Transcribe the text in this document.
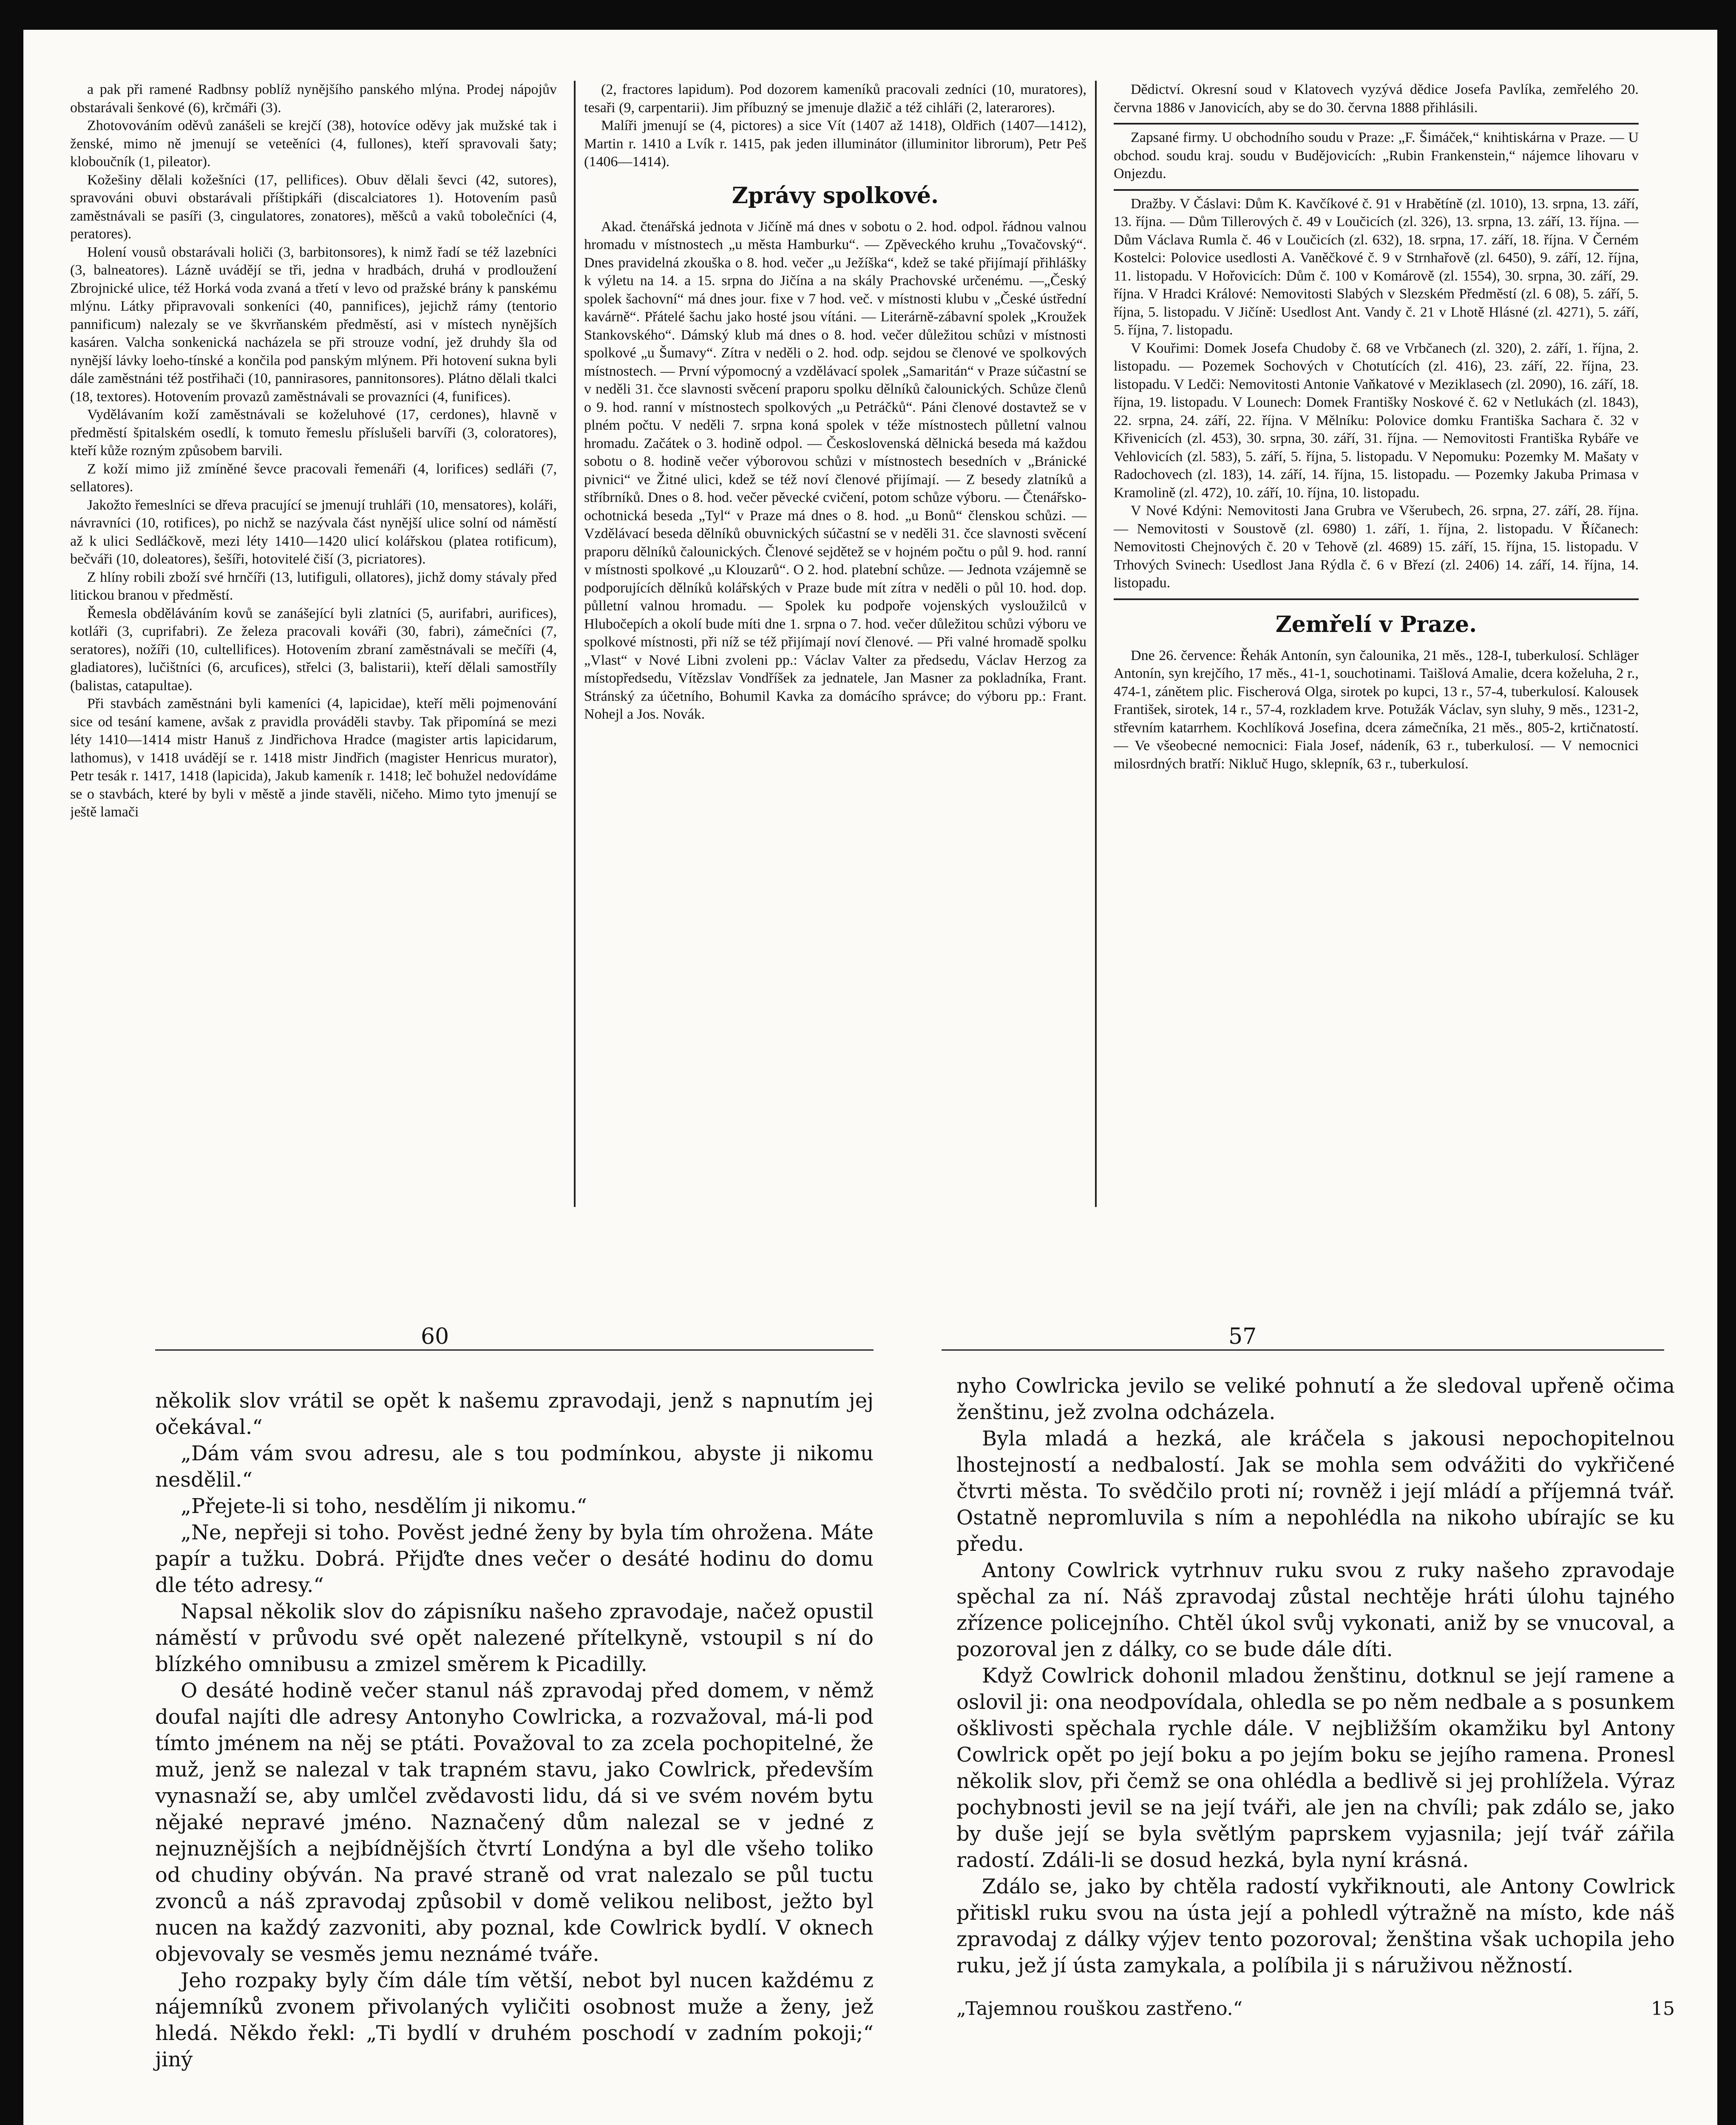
a pak při ramené Radbnsy poblíž nynějšího panského mlýna. Prodej nápojův obstarávali šenkové (6), krčmáři (3).

Zhotovováním oděvů zanášeli se krejčí (38), hotovíce oděvy jak mužské tak i ženské, mimo ně jmenují se veteěníci (4, fullones), kteří spravovali šaty; kloboučník (1, pileator).

Kožešiny dělali kožešníci (17, pellifices). Obuv dělali ševci (42, sutores), spravováni obuvi obstarávali příštipkáři (discalciatores 1). Hotovením pasů zaměstnávali se pasíři (3, cingulatores, zonatores), měšců a vaků tobolečníci (4, peratores).

Holení vousů obstarávali holiči (3, barbitonsores), k nimž řadí se též lazebníci (3, balneatores). Lázně uvádějí se tři, jedna v hradbách, druhá v prodloužení Zbrojnické ulice, též Horká voda zvaná a třetí v levo od pražské brány k panskému mlýnu. Látky připravovali sonkeníci (40, pannifices), jejichž rámy (tentorio pannificum) nalezaly se ve škvrňanském předměstí, asi v místech nynějších kasáren. Valcha sonkenická nacházela se při strouze vodní, jež druhdy šla od nynější lávky loeho-tínské a končila pod panským mlýnem. Při hotovení sukna byli dále zaměstnáni též postřihači (10, pannirasores, pannitonsores). Plátno dělali tkalci (18, textores). Hotovením provazů zaměstnávali se provazníci (4, funifices).

Vydělávaním koží zaměstnávali se koželuhové (17, cerdones), hlavně v předměstí špitalském osedlí, k tomuto řemeslu příslušeli barvíři (3, coloratores), kteří kůže rozným způsobem barvili.

Z koží mimo již zmíněné ševce pracovali řemenáři (4, lorifices) sedláři (7, sellatores).

Jakožto řemeslníci se dřeva pracující se jmenují truhláři (10, mensatores), koláři, návravníci (10, rotifices), po nichž se nazývala část nynější ulice solní od náměstí až k ulici Sedláčkově, mezi léty 1410—1420 ulicí kolářskou (platea rotificum), bečváři (10, doleatores), šešíři, hotovitelé čiší (3, picriatores).

Z hlíny robili zboží své hrnčíři (13, lutifiguli, ollatores), jichž domy stávaly před litickou branou v předměstí.

Řemesla obděláváním kovů se zanášející byli zlatníci (5, aurifabri, aurifices), kotláři (3, cuprifabri). Ze železa pracovali kováři (30, fabri), zámečníci (7, seratores), nožíři (10, cultellifices). Hotovením zbraní zaměstnávali se mečíři (4, gladiatores), lučištníci (6, arcufices), střelci (3, balistarii), kteří dělali samostříly (balistas, catapultae).

Při stavbách zaměstnáni byli kameníci (4, lapicidae), kteří měli pojmenování sice od tesání kamene, avšak z pravidla prováděli stavby. Tak připomíná se mezi léty 1410—1414 mistr Hanuš z Jindřichova Hradce (magister artis lapicidarum, lathomus), v 1418 uvádějí se r. 1418 mistr Jindřich (magister Henricus murator), Petr tesák r. 1417, 1418 (lapicida), Jakub kameník r. 1418; leč bohužel nedovídáme se o stavbách, které by byli v městě a jinde stavěli, ničeho. Mimo tyto jmenují se ještě lamači

(2, fractores lapidum). Pod dozorem kameníků pracovali zedníci (10, muratores), tesaři (9, carpentarii). Jim příbuzný se jmenuje dlažič a též cihláři (2, laterarores).

Malíři jmenují se (4, pictores) a sice Vít (1407 až 1418), Oldřich (1407—1412), Martin r. 1410 a Lvík r. 1415, pak jeden illuminátor (illuminitor librorum), Petr Peš (1406—1414).

Zprávy spolkové.

Akad. čtenářská jednota v Jičíně má dnes v sobotu o 2. hod. odpol. řádnou valnou hromadu v místnostech „u města Hamburku“. — Zpěveckého kruhu „Tovačovský“. Dnes pravidelná zkouška o 8. hod. večer „u Ježíška“, kdež se také přijímají přihlášky k výletu na 14. a 15. srpna do Jičína a na skály Prachovské určenému. —„Český spolek šachovní“ má dnes jour. fixe v 7 hod. več. v místnosti klubu v „České ústřední kavárně“. Přátelé šachu jako hosté jsou vítáni. — Literárně-zábavní spolek „Kroužek Stankovského“. Dámský klub má dnes o 8. hod. večer důležitou schůzi v místnosti spolkové „u Šumavy“. Zítra v neděli o 2. hod. odp. sejdou se členové ve spolkových místnostech. — První výpomocný a vzdělávací spolek „Samaritán“ v Praze súčastní se v neděli 31. čce slavnosti svěcení praporu spolku dělníků čalounických. Schůze členů o 9. hod. ranní v místnostech spolkových „u Petráčků“. Páni členové dostavtež se v plném počtu. V neděli 7. srpna koná spolek v téže místnostech půlletní valnou hromadu. Začátek o 3. hodině odpol. — Československá dělnická beseda má každou sobotu o 8. hodině večer výborovou schůzi v místnostech besedních v „Bránické pivnici“ ve Žitné ulici, kdež se též noví členové přijímají. — Z besedy zlatníků a stříbrníků. Dnes o 8. hod. večer pěvecké cvičení, potom schůze výboru. — Čtenářsko-ochotnická beseda „Tyl“ v Praze má dnes o 8. hod. „u Bonů“ členskou schůzi. — Vzdělávací beseda dělníků obuvnických súčastní se v neděli 31. čce slavnosti svěcení praporu dělníků čalounických. Členové sejdětež se v hojném počtu o půl 9. hod. ranní v místnosti spolkové „u Klouzarů“. O 2. hod. platební schůze. — Jednota vzájemně se podporujících dělníků kolářských v Praze bude mít zítra v neděli o půl 10. hod. dop. půlletní valnou hromadu. — Spolek ku podpoře vojenských vysloužilců v Hlubočepích a okolí bude míti dne 1. srpna o 7. hod. večer důležitou schůzi výboru ve spolkové místnosti, při níž se též přijímají noví členové. — Při valné hromadě spolku „Vlast“ v Nové Libni zvoleni pp.: Václav Valter za předsedu, Václav Herzog za místopředsedu, Vítězslav Vondříšek za jednatele, Jan Masner za pokladníka, Frant. Stránský za účetního, Bohumil Kavka za domácího správce; do výboru pp.: Frant. Nohejl a Jos. Novák.

Dědictví. Okresní soud v Klatovech vyzývá dědice Josefa Pavlíka, zemřelého 20. června 1886 v Janovicích, aby se do 30. června 1888 přihlásili.

Zapsané firmy. U obchodního soudu v Praze: „F. Šimáček,“ knihtiskárna v Praze. — U obchod. soudu kraj. soudu v Budějovicích: „Rubin Frankenstein,“ nájemce lihovaru v Onjezdu.

Dražby. V Čáslavi: Dům K. Kavčíkové č. 91 v Hrabětíně (zl. 1010), 13. srpna, 13. září, 13. října. — Dům Tillerových č. 49 v Loučicích (zl. 326), 13. srpna, 13. září, 13. října. — Dům Václava Rumla č. 46 v Loučicích (zl. 632), 18. srpna, 17. září, 18. října. V Černém Kostelci: Polovice usedlosti A. Vaněčkové č. 9 v Strnhařově (zl. 6450), 9. září, 12. října, 11. listopadu. V Hořovicích: Dům č. 100 v Komárově (zl. 1554), 30. srpna, 30. září, 29. října. V Hradci Králové: Nemovitosti Slabých v Slezském Předměstí (zl. 6 08), 5. září, 5. října, 5. listopadu. V Jičíně: Usedlost Ant. Vandy č. 21 v Lhotě Hlásné (zl. 4271), 5. září, 5. října, 7. listopadu.

V Kouřimi: Domek Josefa Chudoby č. 68 ve Vrbčanech (zl. 320), 2. září, 1. října, 2. listopadu. — Pozemek Sochových v Chotutících (zl. 416), 23. září, 22. října, 23. listopadu. V Ledči: Nemovitosti Antonie Vaňkatové v Meziklasech (zl. 2090), 16. září, 18. října, 19. listopadu. V Lounech: Domek Františky Noskové č. 62 v Netlukách (zl. 1843), 22. srpna, 24. září, 22. října. V Mělníku: Polovice domku Františka Sachara č. 32 v Křivenicích (zl. 453), 30. srpna, 30. září, 31. října. — Nemovitosti Františka Rybáře ve Vehlovicích (zl. 583), 5. září, 5. října, 5. listopadu. V Nepomuku: Pozemky M. Mašaty v Radochovech (zl. 183), 14. září, 14. října, 15. listopadu. — Pozemky Jakuba Primasa v Kramolině (zl. 472), 10. září, 10. října, 10. listopadu.

V Nové Kdýni: Nemovitosti Jana Grubra ve Všerubech, 26. srpna, 27. září, 28. října. — Nemovitosti v Soustově (zl. 6980) 1. září, 1. října, 2. listopadu. V Říčanech: Nemovitosti Chejnových č. 20 v Tehově (zl. 4689) 15. září, 15. října, 15. listopadu. V Trhových Svinech: Usedlost Jana Rýdla č. 6 v Březí (zl. 2406) 14. září, 14. října, 14. listopadu.

Zemřelí v Praze.

Dne 26. července: Řehák Antonín, syn čalounika, 21 měs., 128-I, tuberkulosí. Schläger Antonín, syn krejčího, 17 měs., 41-1, souchotinami. Taišlová Amalie, dcera koželuha, 2 r., 474-1, zánětem plic. Fischerová Olga, sirotek po kupci, 13 r., 57-4, tuberkulosí. Kalousek František, sirotek, 14 r., 57-4, rozkladem krve. Potužák Václav, syn sluhy, 9 měs., 1231-2, střevním katarrhem. Kochlíková Josefina, dcera zámečníka, 21 měs., 805-2, krtičnatostí. — Ve všeobecné nemocnici: Fiala Josef, nádeník, 63 r., tuberkulosí. — V nemocnici milosrdných bratří: Nikluč Hugo, sklepník, 63 r., tuberkulosí.

60	57

několik slov vrátil se opět k našemu zpravodaji, jenž s napnutím jej očekával.“

„Dám vám svou adresu, ale s tou podmínkou, abyste ji nikomu nesdělil.“

„Přejete-li si toho, nesdělím ji nikomu.“

„Ne, nepřeji si toho. Pověst jedné ženy by byla tím ohrožena. Máte papír a tužku. Dobrá. Přijďte dnes večer o desáté hodinu do domu dle této adresy.“

Napsal několik slov do zápisníku našeho zpravodaje, načež opustil náměstí v průvodu své opět nalezené přítelkyně, vstoupil s ní do blízkého omnibusu a zmizel směrem k Picadilly.

O desáté hodině večer stanul náš zpravodaj před domem, v němž doufal najíti dle adresy Antonyho Cowlricka, a rozvažoval, má-li pod tímto jménem na něj se ptáti. Považoval to za zcela pochopitelné, že muž, jenž se nalezal v tak trapném stavu, jako Cowlrick, především vynasnaží se, aby umlčel zvědavosti lidu, dá si ve svém novém bytu nějaké nepravé jméno. Naznačený dům nalezal se v jedné z nejnuznějších a nejbídnějších čtvrtí Londýna a byl dle všeho toliko od chudiny obýván. Na pravé straně od vrat nalezalo se půl tuctu zvonců a náš zpravodaj způsobil v domě velikou nelibost, ježto byl nucen na každý zazvoniti, aby poznal, kde Cowlrick bydlí. V oknech objevovaly se vesměs jemu neznámé tváře.

Jeho rozpaky byly čím dále tím větší, nebot byl nucen každému z nájemníků zvonem přivolaných vyličiti osobnost muže a ženy, jež hledá. Někdo řekl: „Ti bydlí v druhém poschodí v zadním pokoji;“ jiný

nyho Cowlricka jevilo se veliké pohnutí a že sledoval upřeně očima ženštinu, jež zvolna odcházela.

Byla mladá a hezká, ale kráčela s jakousi nepochopitelnou lhostejností a nedbalostí. Jak se mohla sem odvážiti do vykřičené čtvrti města. To svědčilo proti ní; rovněž i její mládí a příjemná tvář. Ostatně nepromluvila s ním a nepohlédla na nikoho ubírajíc se ku předu.

Antony Cowlrick vytrhnuv ruku svou z ruky našeho zpravodaje spěchal za ní. Náš zpravodaj zůstal nechtěje hráti úlohu tajného zřízence policejního. Chtěl úkol svůj vykonati, aniž by se vnucoval, a pozoroval jen z dálky, co se bude dále díti.

Když Cowlrick dohonil mladou ženštinu, dotknul se její ramene a oslovil ji: ona neodpovídala, ohledla se po něm nedbale a s posunkem ošklivosti spěchala rychle dále. V nejbližším okamžiku byl Antony Cowlrick opět po její boku a po jejím boku se jejího ramena. Pronesl několik slov, při čemž se ona ohlédla a bedlivě si jej prohlížela. Výraz pochybnosti jevil se na její tváři, ale jen na chvíli; pak zdálo se, jako by duše její se byla světlým paprskem vyjasnila; její tvář zářila radostí. Zdáli-li se dosud hezká, byla nyní krásná.

Zdálo se, jako by chtěla radostí vykřiknouti, ale Antony Cowlrick přitiskl ruku svou na ústa její a pohledl výtražně na místo, kde náš zpravodaj z dálky výjev tento pozoroval; ženština však uchopila jeho ruku, jež jí ústa zamykala, a políbila ji s náruživou něžností.

„Tajemnou rouškou zastřeno.“	15
